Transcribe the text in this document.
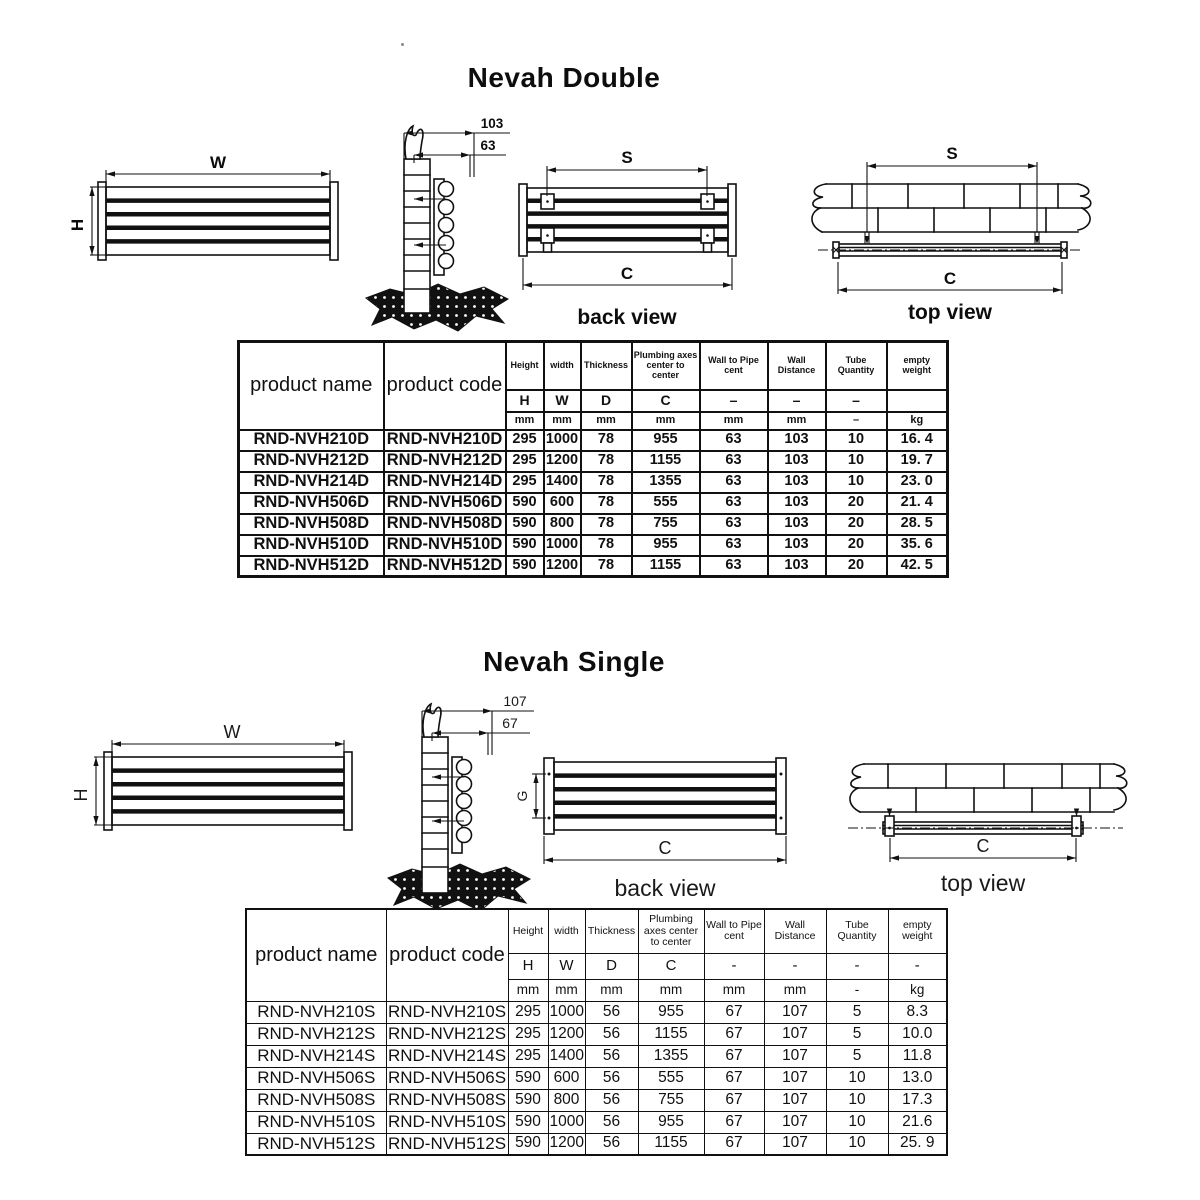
Nevah Double
W
H
103
63
S
C
back view
S
C
top view
product name	product code	Height	width	Thickness	Plumbing axes center to center	Wall to Pipe cent	Wall Distance	Tube Quantity	empty weight
		H	W	D	C	–	–	–	
		mm	mm	mm	mm	mm	mm	–	kg
RND-NVH210D	RND-NVH210D	295	1000	78	955	63	103	10	16. 4
RND-NVH212D	RND-NVH212D	295	1200	78	1155	63	103	10	19. 7
RND-NVH214D	RND-NVH214D	295	1400	78	1355	63	103	10	23. 0
RND-NVH506D	RND-NVH506D	590	600	78	555	63	103	20	21. 4
RND-NVH508D	RND-NVH508D	590	800	78	755	63	103	20	28. 5
RND-NVH510D	RND-NVH510D	590	1000	78	955	63	103	20	35. 6
RND-NVH512D	RND-NVH512D	590	1200	78	1155	63	103	20	42. 5
Nevah Single
W
H
107
67
G
C
back view
C
top view
product name	product code	Height	width	Thickness	Plumbing axes center to center	Wall to Pipe cent	Wall Distance	Tube Quantity	empty weight
		H	W	D	C	-	-	-	-
		mm	mm	mm	mm	mm	mm	-	kg
RND-NVH210S	RND-NVH210S	295	1000	56	955	67	107	5	8.3
RND-NVH212S	RND-NVH212S	295	1200	56	1155	67	107	5	10.0
RND-NVH214S	RND-NVH214S	295	1400	56	1355	67	107	5	11.8
RND-NVH506S	RND-NVH506S	590	600	56	555	67	107	10	13.0
RND-NVH508S	RND-NVH508S	590	800	56	755	67	107	10	17.3
RND-NVH510S	RND-NVH510S	590	1000	56	955	67	107	10	21.6
RND-NVH512S	RND-NVH512S	590	1200	56	1155	67	107	10	25. 9
